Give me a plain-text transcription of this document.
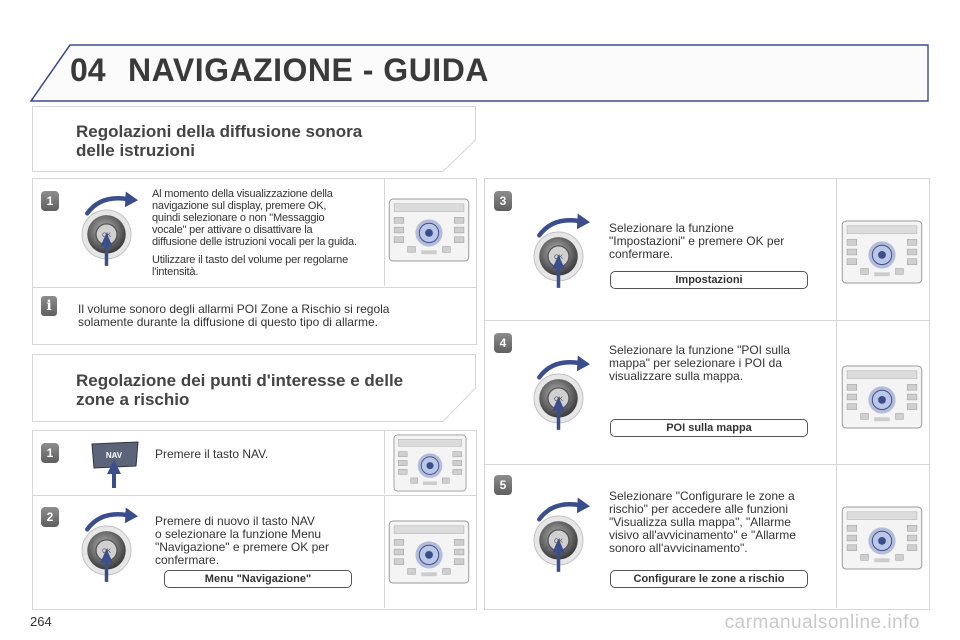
04 NAVIGAZIONE - GUIDA
Regolazioni della diffusione sonora
delle istruzioni
1	Al momento della visualizzazione della
navigazione sul display, premere OK,
quindi selezionare o non "Messaggio
vocale" per attivare o disattivare la
diffusione delle istruzioni vocali per la guida.
Utilizzare il tasto del volume per regolarne
l'intensità.
i	Il volume sonoro degli allarmi POI Zone a Rischio si regola
solamente durante la diffusione di questo tipo di allarme.
Regolazione dei punti d'interesse e delle
zone a rischio
1	NAV	Premere il tasto NAV.
2	Premere di nuovo il tasto NAV
o selezionare la funzione Menu
"Navigazione" e premere OK per
confermare.
Menu "Navigazione"
3
Selezionare la funzione
"Impostazioni" e premere OK per
confermare.
Impostazioni
4	Selezionare la funzione "POI sulla
mappa" per selezionare i POI da
visualizzare sulla mappa.
POI sulla mappa
5
Selezionare "Configurare le zone a
rischio" per accedere alle funzioni
"Visualizza sulla mappa", "Allarme
visivo all'avvicinamento" e "Allarme
sonoro all'avvicinamento".
Configurare le zone a rischio
264	carmanualsonline.info
